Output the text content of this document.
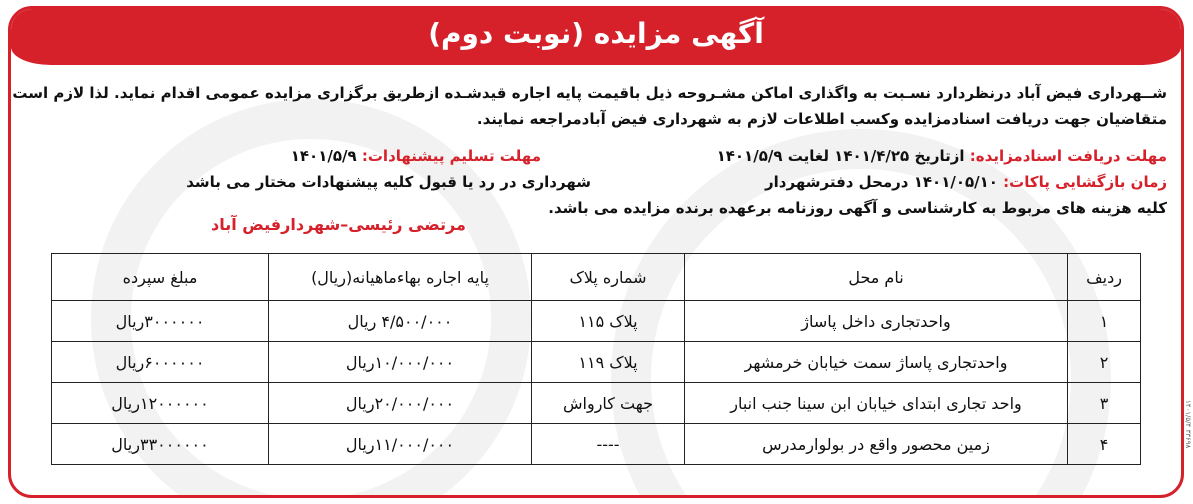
آگهی مزایده (نوبت دوم)
شــهرداری فیض آباد درنظردارد نسـبت به واگذاری اماکن مشـروحه ذیل باقیمت پایه اجاره قیدشـده ازطریق برگزاری مزایده عمومی اقدام نماید. لذا لازم است
متقاضیان جهت دریافت اسنادمزایده وکسب اطلاعات لازم به شهرداری فیض آبادمراجعه نمایند.
مهلت دریافت اسنادمزایده: ازتاریخ ۱۴۰۱/۴/۲۵ لغایت ۱۴۰۱/۵/۹
مهلت تسلیم پیشنهادات: ۱۴۰۱/۵/۹
زمان بازگشایی پاکات: ۱۴۰۱/۰۵/۱۰ درمحل دفترشهردار
شهرداری در رد یا قبول کلیه پیشنهادات مختار می باشد
کلیه هزینه های مربوط به کارشناسی و آگهی روزنامه برعهده برنده مزایده می باشد.
مرتضی رئیسی–شهردارفیض آباد
ردیف	نام محل	شماره پلاک	پایه اجاره بهاءماهیانه(ریال)	مبلغ سپرده
۱	واحدتجاری داخل پاساژ	پلاک ۱۱۵	۴/۵۰۰/۰۰۰ ریال	۳۰۰۰۰۰۰ریال
۲	واحدتجاری پاساژ سمت خیابان خرمشهر	پلاک ۱۱۹	۱۰/۰۰۰/۰۰۰ریال	۶۰۰۰۰۰۰ریال
۳	واحد تجاری ابتدای خیابان ابن سینا جنب انبار	جهت کارواش	۲۰/۰۰۰/۰۰۰ریال	۱۲۰۰۰۰۰۰ریال
۴	زمین محصور واقع در بولوارمدرس	----	۱۱/۰۰۰/۰۰۰ریال	۳۳۰۰۰۰۰۰ریال	۱۴۰۱/۵/۴ ۳۳۶۹۸
